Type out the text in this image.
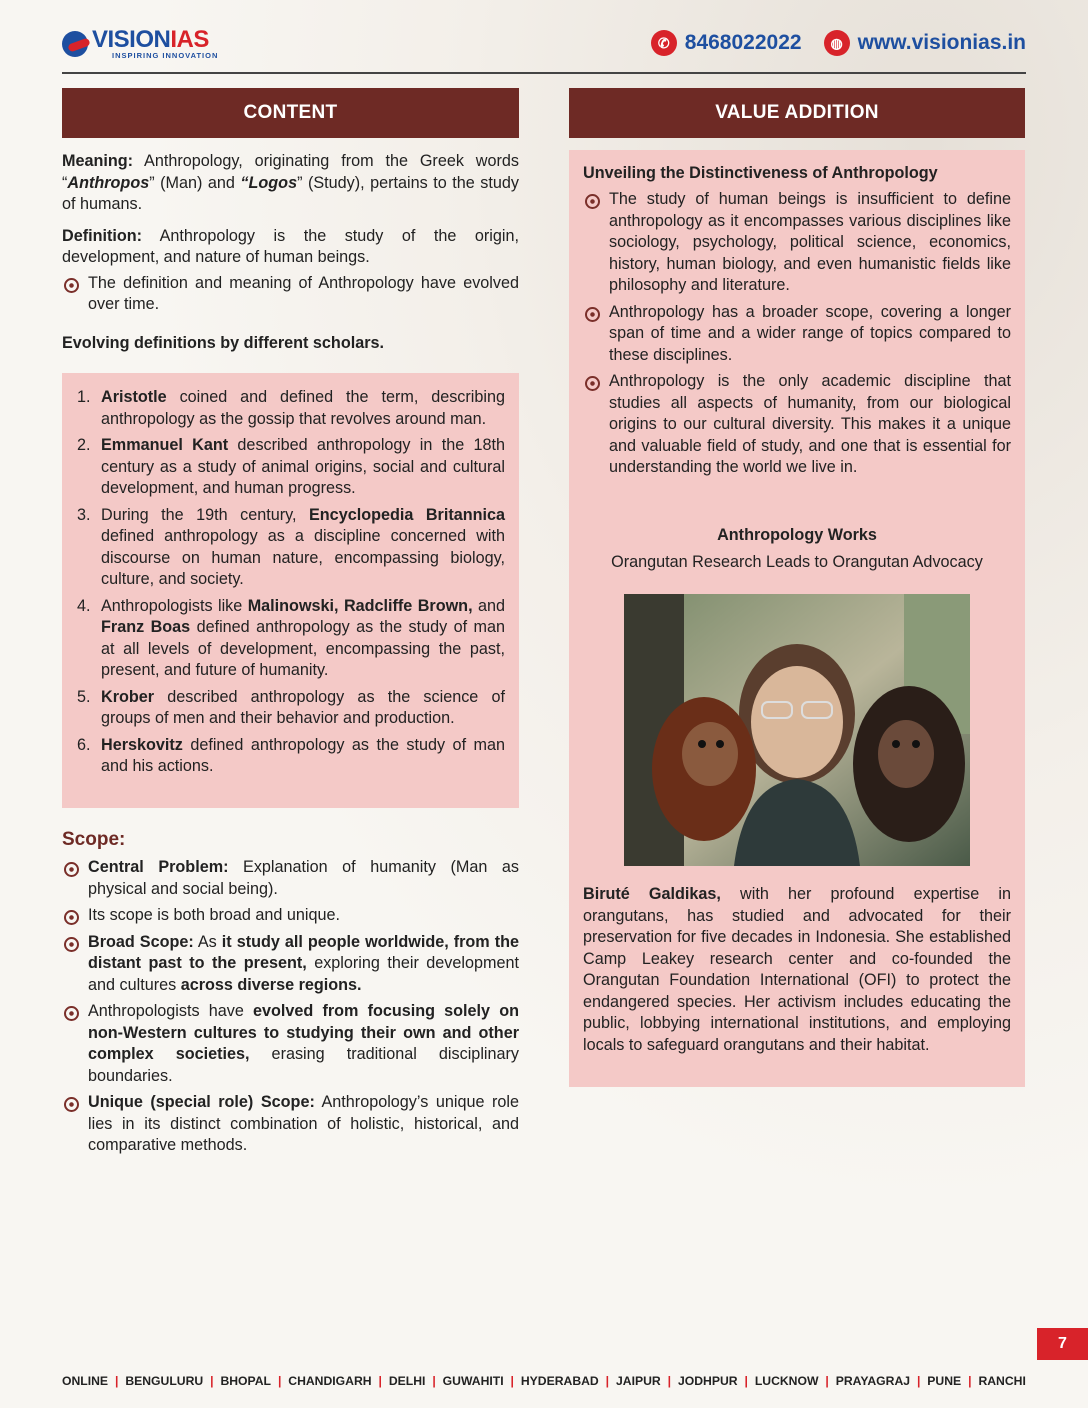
VISIONIAS
INSPIRING INNOVATION
✆ 8468022022	◍ www.visionias.in
CONTENT	VALUE ADDITION

Meaning: Anthropology, originating from the Greek words “Anthropos” (Man) and “Logos” (Study), pertains to the study of humans.

Definition: Anthropology is the study of the origin, development, and nature of human beings.

The definition and meaning of Anthropology have evolved over time.

Evolving definitions by different scholars.

1. Aristotle coined and defined the term, describing anthropology as the gossip that revolves around man.
2. Emmanuel Kant described anthropology in the 18th century as a study of animal origins, social and cultural development, and human progress.
3. During the 19th century, Encyclopedia Britannica defined anthropology as a discipline concerned with discourse on human nature, encompassing biology, culture, and society.
4. Anthropologists like Malinowski, Radcliffe Brown, and Franz Boas defined anthropology as the study of man at all levels of development, encompassing the past, present, and future of humanity.
5. Krober described anthropology as the science of groups of men and their behavior and production.
6. Herskovitz defined anthropology as the study of man and his actions.

Scope:

Central Problem: Explanation of humanity (Man as physical and social being).
Its scope is both broad and unique.
Broad Scope: As it study all people worldwide, from the distant past to the present, exploring their development and cultures across diverse regions.
Anthropologists have evolved from focusing solely on non-Western cultures to studying their own and other complex societies, erasing traditional disciplinary boundaries.
Unique (special role) Scope: Anthropology’s unique role lies in its distinct combination of holistic, historical, and comparative methods.

Unveiling the Distinctiveness of Anthropology

The study of human beings is insufficient to define anthropology as it encompasses various disciplines like sociology, psychology, political science, economics, history, human biology, and even humanistic fields like philosophy and literature.
Anthropology has a broader scope, covering a longer span of time and a wider range of topics compared to these disciplines.
Anthropology is the only academic discipline that studies all aspects of humanity, from our biological origins to our cultural diversity. This makes it a unique and valuable field of study, and one that is essential for understanding the world we live in.

Anthropology Works

Orangutan Research Leads to Orangutan Advocacy

Biruté Galdikas, with her profound expertise in orangutans, has studied and advocated for their preservation for five decades in Indonesia. She established Camp Leakey research center and co-founded the Orangutan Foundation International (OFI) to protect the endangered species. Her activism includes educating the public, lobbying international institutions, and employing locals to safeguard orangutans and their habitat.

7
ONLINE | BENGULURU | BHOPAL | CHANDIGARH | DELHI | GUWAHITI | HYDERABAD | JAIPUR | JODHPUR | LUCKNOW | PRAYAGRAJ | PUNE | RANCHI
